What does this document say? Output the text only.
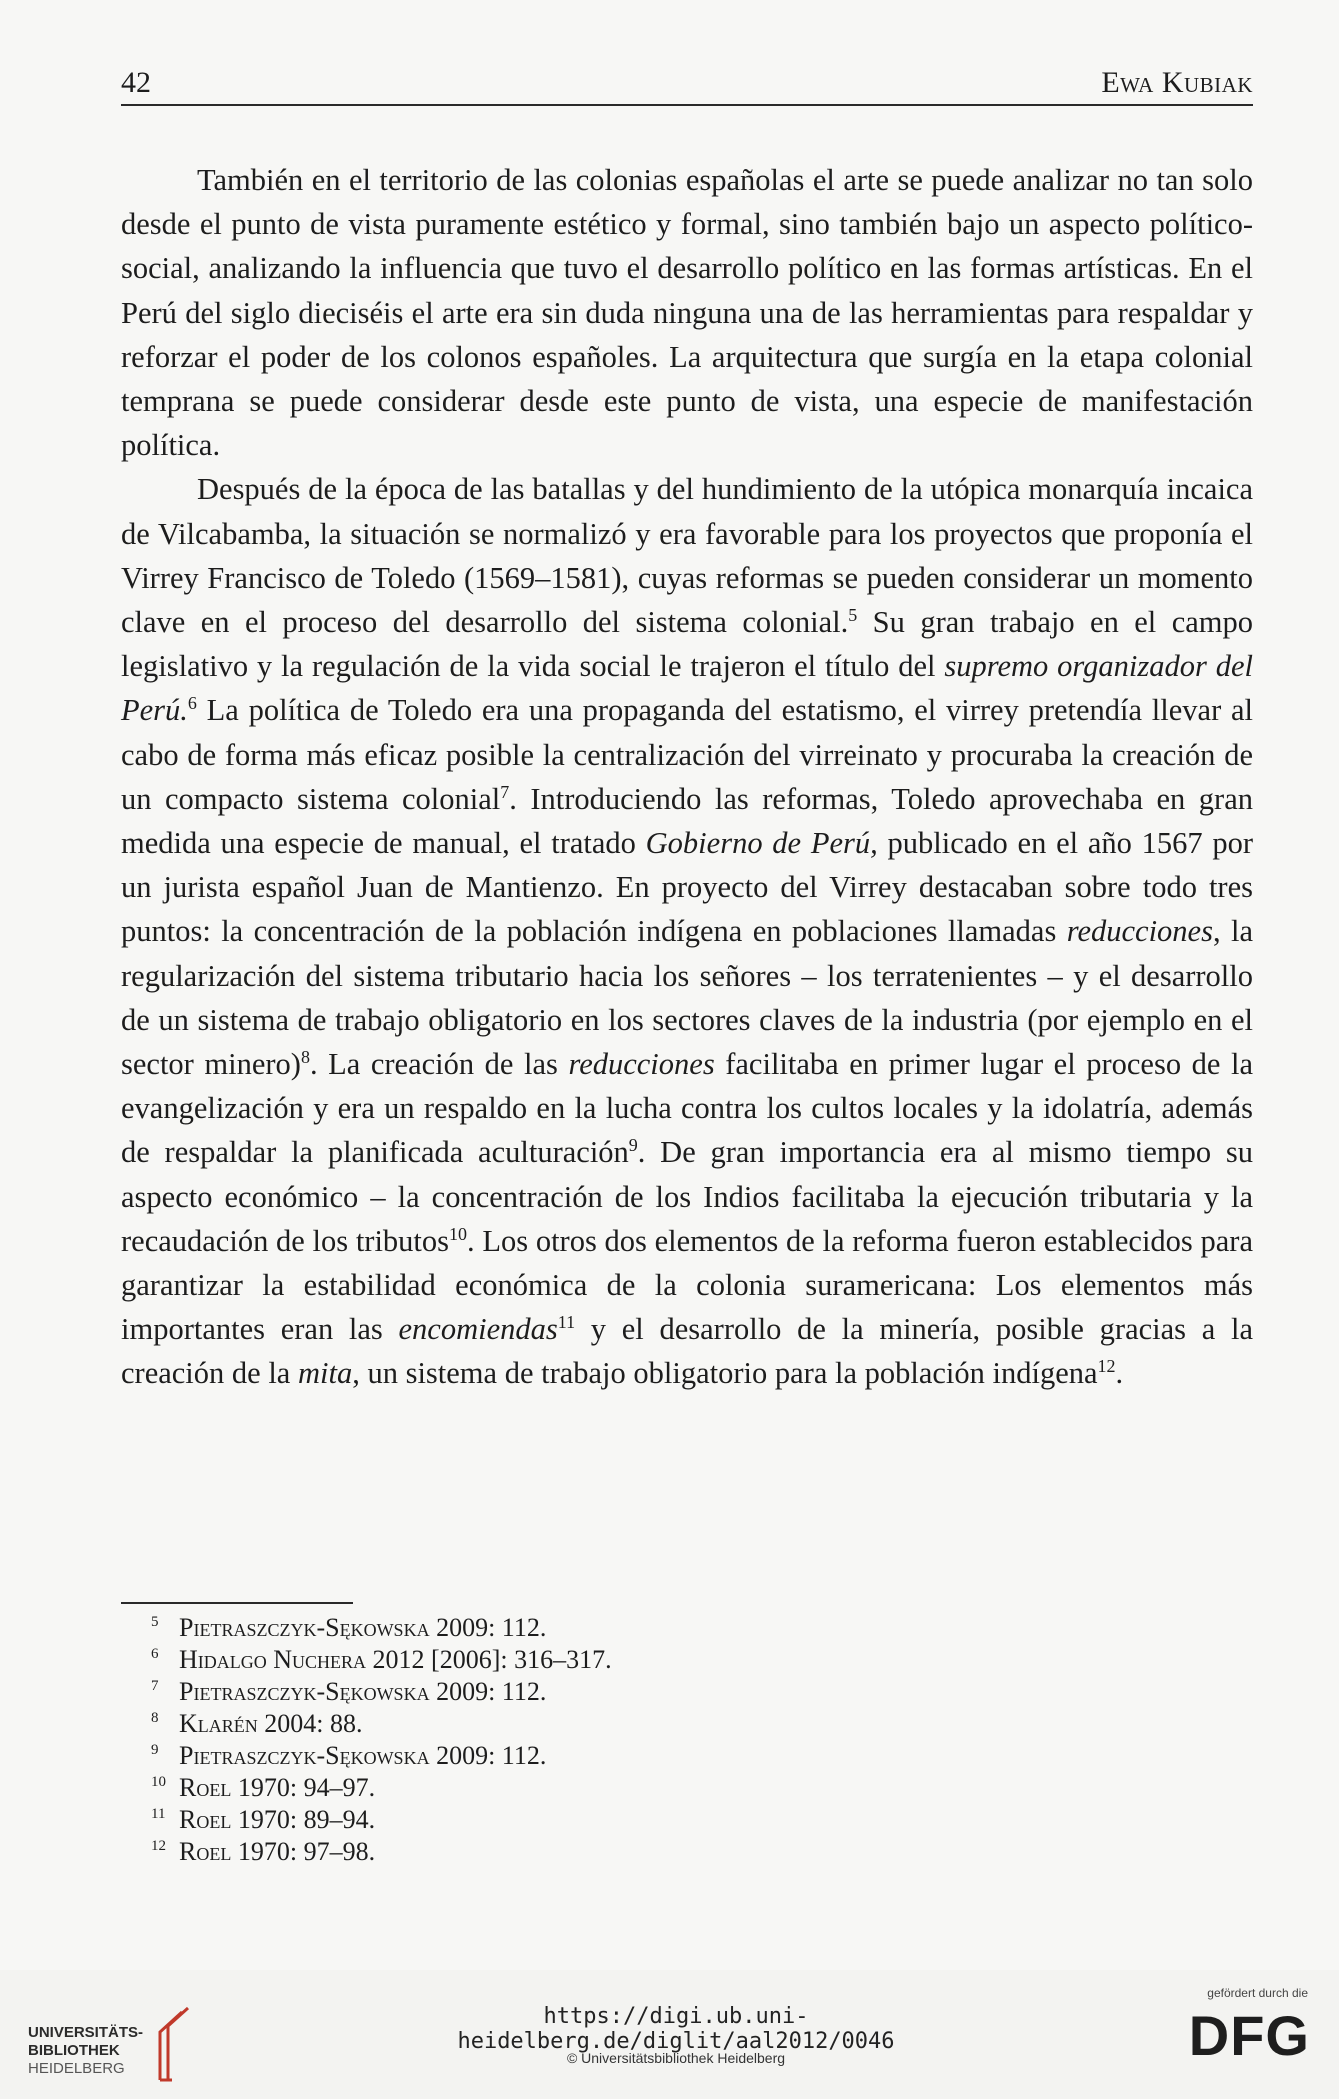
42	Ewa Kubiak

También en el territorio de las colonias españolas el arte se puede analizar no tan solo desde el punto de vista puramente estético y formal, sino también bajo un aspecto político-social, analizando la influencia que tuvo el desarrollo político en las formas artísticas. En el Perú del siglo dieciséis el arte era sin duda ninguna una de las herramientas para respaldar y reforzar el poder de los colonos españoles. La arquitectura que surgía en la etapa colonial temprana se puede considerar desde este punto de vista, una especie de manifestación política.

Después de la época de las batallas y del hundimiento de la utópica monarquía incaica de Vilcabamba, la situación se normalizó y era favorable para los proyectos que proponía el Virrey Francisco de Toledo (1569–1581), cuyas reformas se pueden considerar un momento clave en el proceso del desarrollo del sistema colonial.$^5$ Su gran trabajo en el campo legislativo y la regulación de la vida social le trajeron el título del supremo organizador del Perú.$^6$ La política de Toledo era una propaganda del estatismo, el virrey pretendía llevar al cabo de forma más eficaz posible la centralización del virreinato y procuraba la creación de un compacto sistema colonial$^7$. Introduciendo las reformas, Toledo aprovechaba en gran medida una especie de manual, el tratado Gobierno de Perú, publicado en el año 1567 por un jurista español Juan de Mantienzo. En proyecto del Virrey destacaban sobre todo tres puntos: la concentración de la población indígena en poblaciones llamadas reducciones, la regularización del sistema tributario hacia los señores – los terratenientes – y el desarrollo de un sistema de trabajo obligatorio en los sectores claves de la industria (por ejemplo en el sector minero)$^8$. La creación de las reducciones facilitaba en primer lugar el proceso de la evangelización y era un respaldo en la lucha contra los cultos locales y la idolatría, además de respaldar la planificada aculturación$^9$. De gran importancia era al mismo tiempo su aspecto económico – la concentración de los Indios facilitaba la ejecución tributaria y la recaudación de los tributos$^{10}$. Los otros dos elementos de la reforma fueron establecidos para garantizar la estabilidad económica de la colonia suramericana: Los elementos más importantes eran las encomiendas$^{11}$ y el desarrollo de la minería, posible gracias a la creación de la mita, un sistema de trabajo obligatorio para la población indígena$^{12}$.

5 Pietraszczyk-Sękowska 2009: 112.
6 Hidalgo Nuchera 2012 [2006]: 316–317.
7 Pietraszczyk-Sękowska 2009: 112.
8 Klarén 2004: 88.
9 Pietraszczyk-Sękowska 2009: 112.
10 Roel 1970: 94–97.
11 Roel 1970: 89–94.
12 Roel 1970: 97–98.
UNIVERSITÄTS-
BIBLIOTHEK
HEIDELBERG
https://digi.ub.uni-heidelberg.de/diglit/aal2012/0046
© Universitätsbibliothek Heidelberg
gefördert durch die
DFG
